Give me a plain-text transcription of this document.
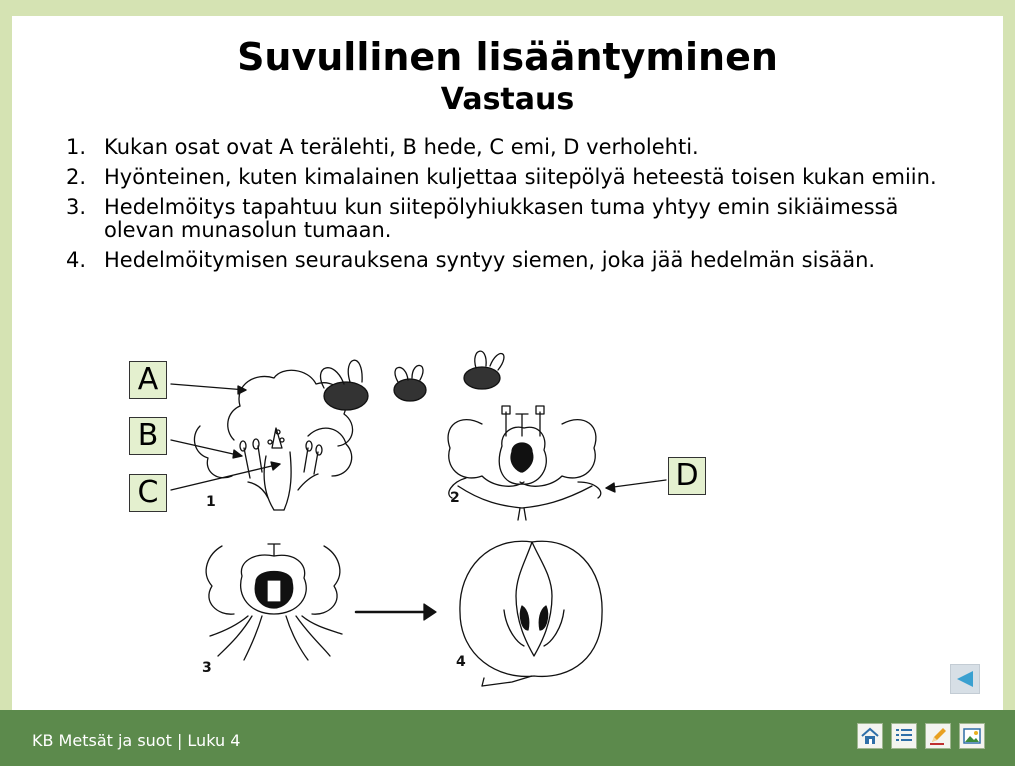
Suvullinen lisääntyminen
Vastaus
1. Kukan osat ovat A terälehti, B hede, C emi, D verholehti.
2. Hyönteinen, kuten kimalainen kuljettaa siitepölyä heteestä toisen kukan emiin.
3. Hedelmöitys tapahtuu kun siitepölyhiukkasen tuma yhtyy emin sikiäimessä olevan munasolun tumaan.
4. Hedelmöitymisen seurauksena syntyy siemen, joka jää hedelmän sisään.
1	2
3	4
A
B
C	D
KB Metsät ja suot | Luku 4
